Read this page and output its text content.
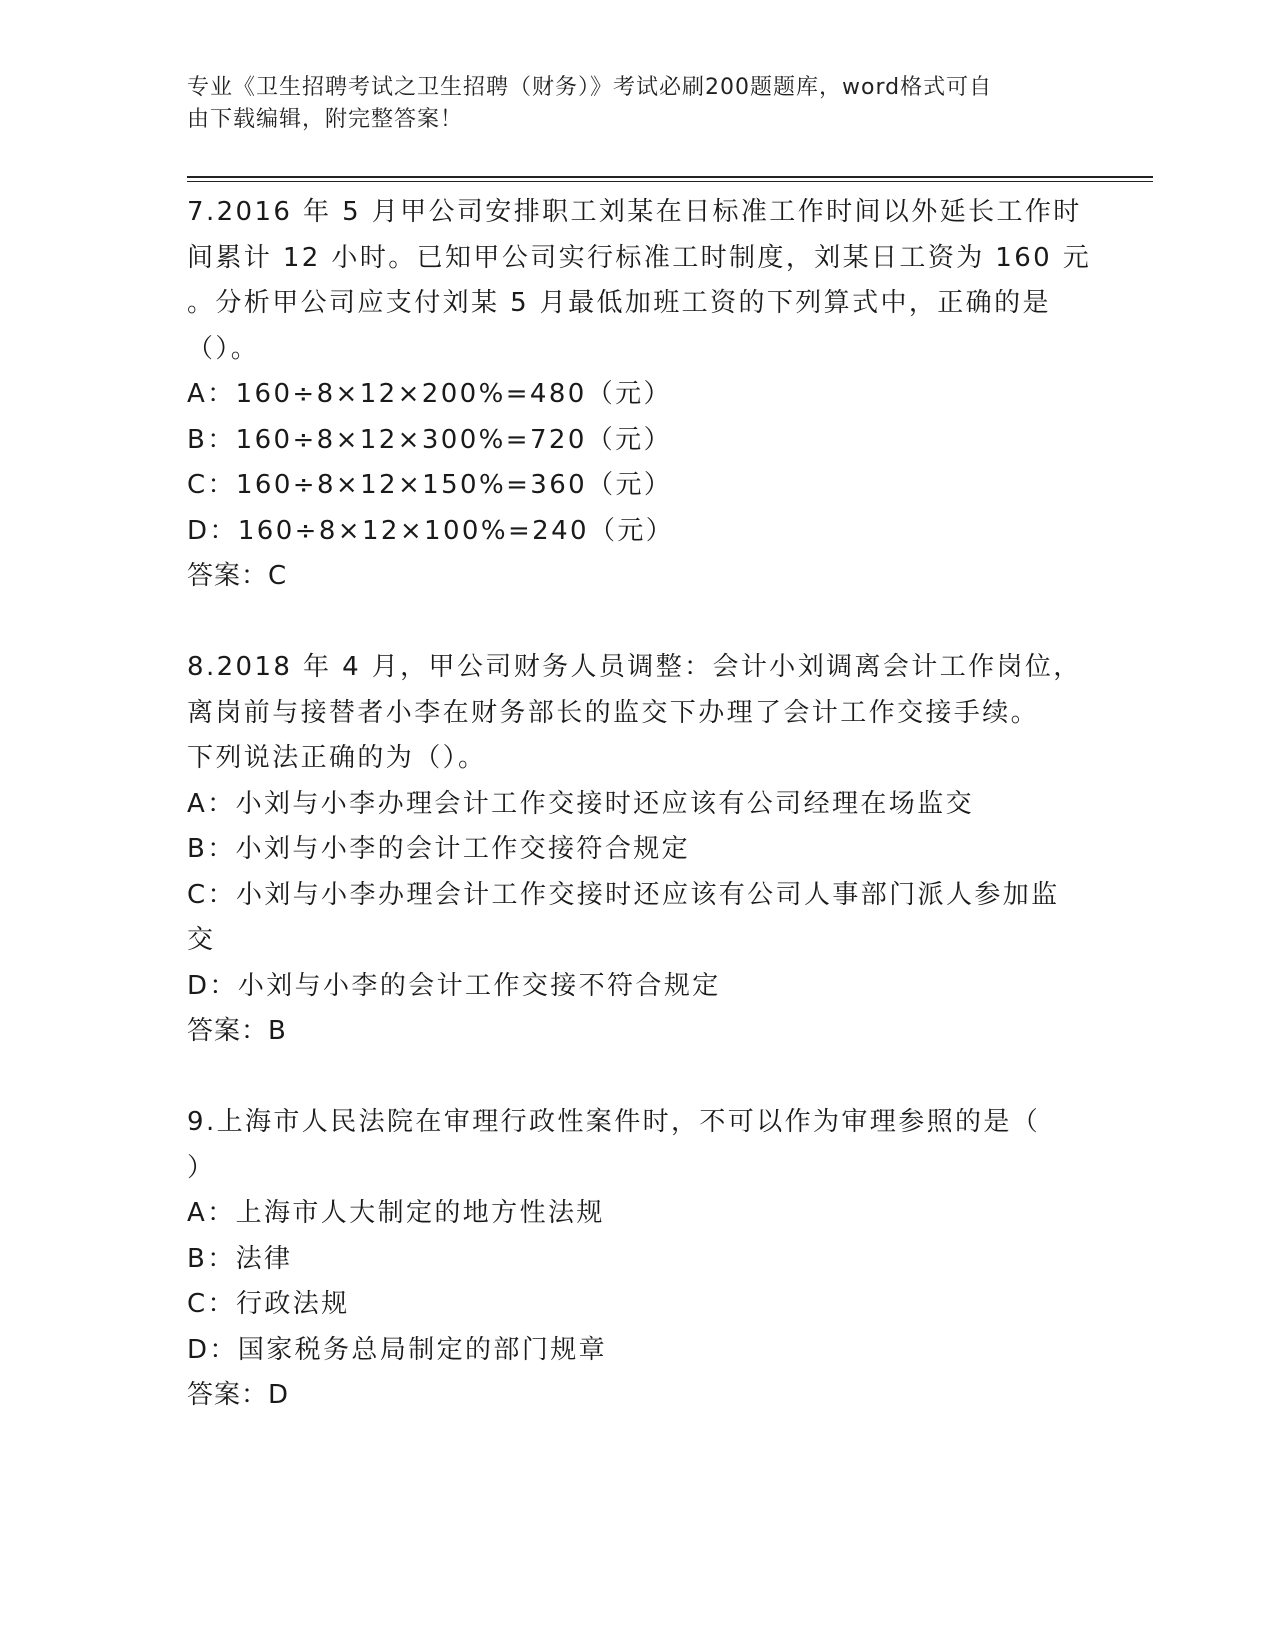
专业《卫生招聘考试之卫生招聘（财务）》考试必刷200题题库，word格式可自
由下载编辑，附完整答案！
7.2016 年 5 月甲公司安排职工刘某在日标准工作时间以外延长工作时
间累计 12 小时。已知甲公司实行标准工时制度，刘某日工资为 160 元
。分析甲公司应支付刘某 5 月最低加班工资的下列算式中，正确的是
（）。
A：160÷8×12×200%=480（元）
B：160÷8×12×300%=720（元）
C：160÷8×12×150%=360（元）
D：160÷8×12×100%=240（元）
答案：C
8.2018 年 4 月，甲公司财务人员调整：会计小刘调离会计工作岗位，
离岗前与接替者小李在财务部长的监交下办理了会计工作交接手续。
下列说法正确的为（）。
A：小刘与小李办理会计工作交接时还应该有公司经理在场监交
B：小刘与小李的会计工作交接符合规定
C：小刘与小李办理会计工作交接时还应该有公司人事部门派人参加监
交
D：小刘与小李的会计工作交接不符合规定
答案：B
9.上海市人民法院在审理行政性案件时，不可以作为审理参照的是（
）
A：上海市人大制定的地方性法规
B：法律
C：行政法规
D：国家税务总局制定的部门规章
答案：D
